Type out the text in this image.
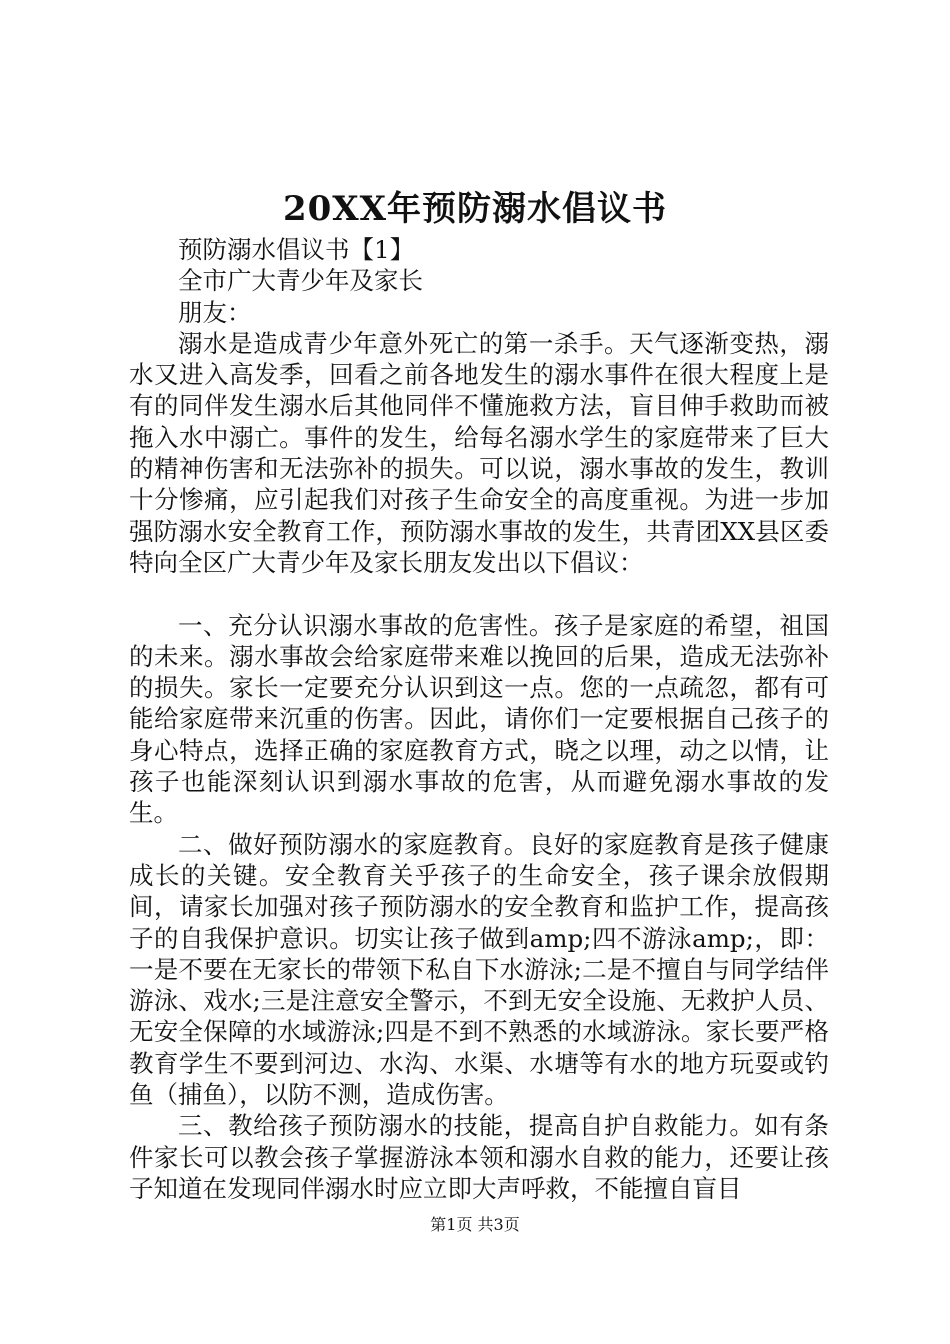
20XX年预防溺水倡议书

预防溺水倡议书【1】

全市广大青少年及家长

朋友：

溺水是造成青少年意外死亡的第一杀手。天气逐渐变热，溺水又进入高发季，回看之前各地发生的溺水事件在很大程度上是有的同伴发生溺水后其他同伴不懂施救方法，盲目伸手救助而被拖入水中溺亡。事件的发生，给每名溺水学生的家庭带来了巨大的精神伤害和无法弥补的损失。可以说，溺水事故的发生，教训十分惨痛，应引起我们对孩子生命安全的高度重视。为进一步加强防溺水安全教育工作，预防溺水事故的发生，共青团XX县区委特向全区广大青少年及家长朋友发出以下倡议：

一、充分认识溺水事故的危害性。孩子是家庭的希望，祖国的未来。溺水事故会给家庭带来难以挽回的后果，造成无法弥补的损失。家长一定要充分认识到这一点。您的一点疏忽，都有可能给家庭带来沉重的伤害。因此，请你们一定要根据自己孩子的身心特点，选择正确的家庭教育方式，晓之以理，动之以情，让孩子也能深刻认识到溺水事故的危害，从而避免溺水事故的发生。

二、做好预防溺水的家庭教育。良好的家庭教育是孩子健康成长的关键。安全教育关乎孩子的生命安全，孩子课余放假期间，请家长加强对孩子预防溺水的安全教育和监护工作，提高孩子的自我保护意识。切实让孩子做到amp;四不游泳amp;，即：一是不要在无家长的带领下私自下水游泳;二是不擅自与同学结伴游泳、戏水;三是注意安全警示，不到无安全设施、无救护人员、无安全保障的水域游泳;四是不到不熟悉的水域游泳。家长要严格教育学生不要到河边、水沟、水渠、水塘等有水的地方玩耍或钓鱼（捕鱼），以防不测，造成伤害。

三、教给孩子预防溺水的技能，提高自护自救能力。如有条件家长可以教会孩子掌握游泳本领和溺水自救的能力，还要让孩子知道在发现同伴溺水时应立即大声呼救，不能擅自盲目

第1页 共3页
